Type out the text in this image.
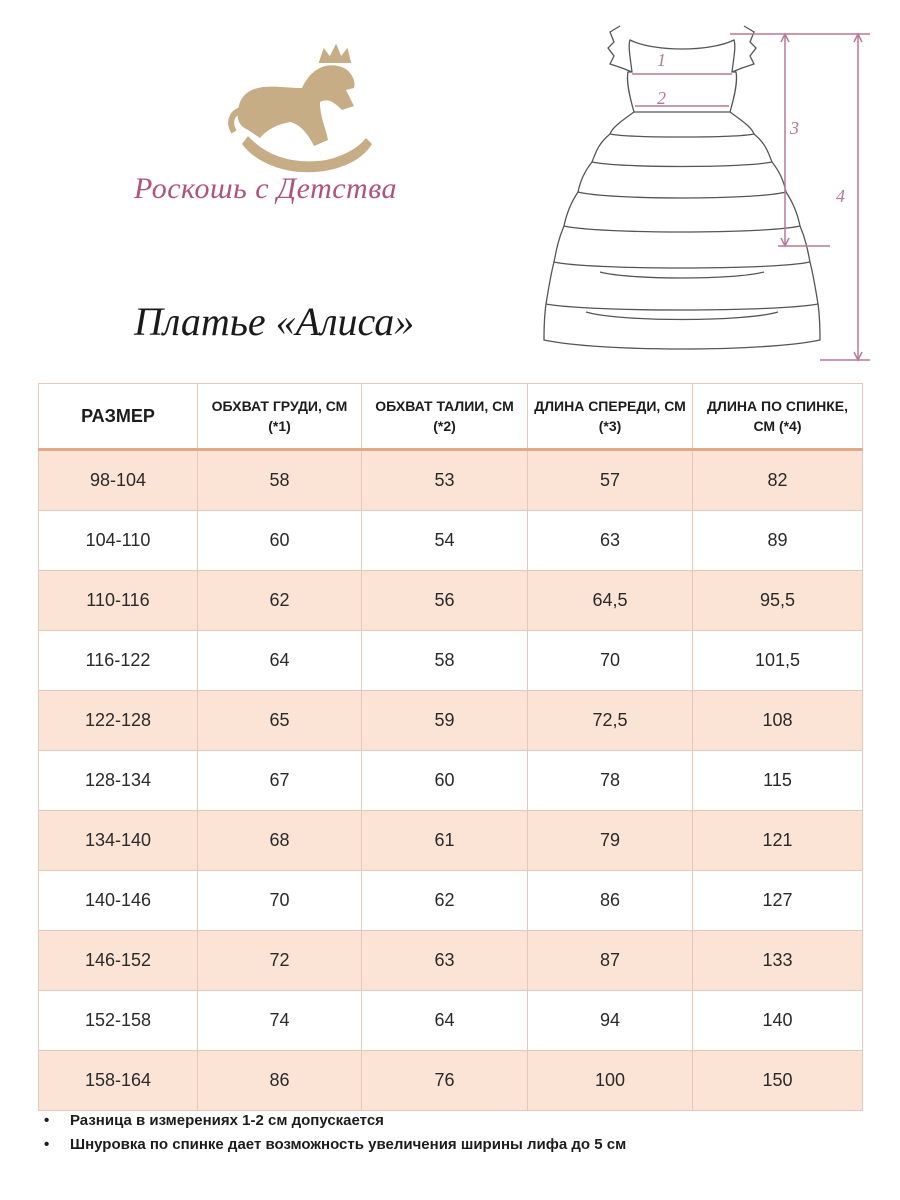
Роскошь с Детства
Платье «Алиса»
1
2
3
4
РАЗМЕР	ОБХВАТ ГРУДИ, СМ (*1)	ОБХВАТ ТАЛИИ, СМ (*2)	ДЛИНА СПЕРЕДИ, СМ (*3)	ДЛИНА ПО СПИНКЕ, СМ (*4)
98-104	58	53	57	82
104-110	60	54	63	89
110-116	62	56	64,5	95,5
116-122	64	58	70	101,5
122-128	65	59	72,5	108
128-134	67	60	78	115
134-140	68	61	79	121
140-146	70	62	86	127
146-152	72	63	87	133
152-158	74	64	94	140
158-164	86	76	100	150
• Разница в измерениях 1-2 см допускается
• Шнуровка по спинке дает возможность увеличения ширины лифа до 5 см
